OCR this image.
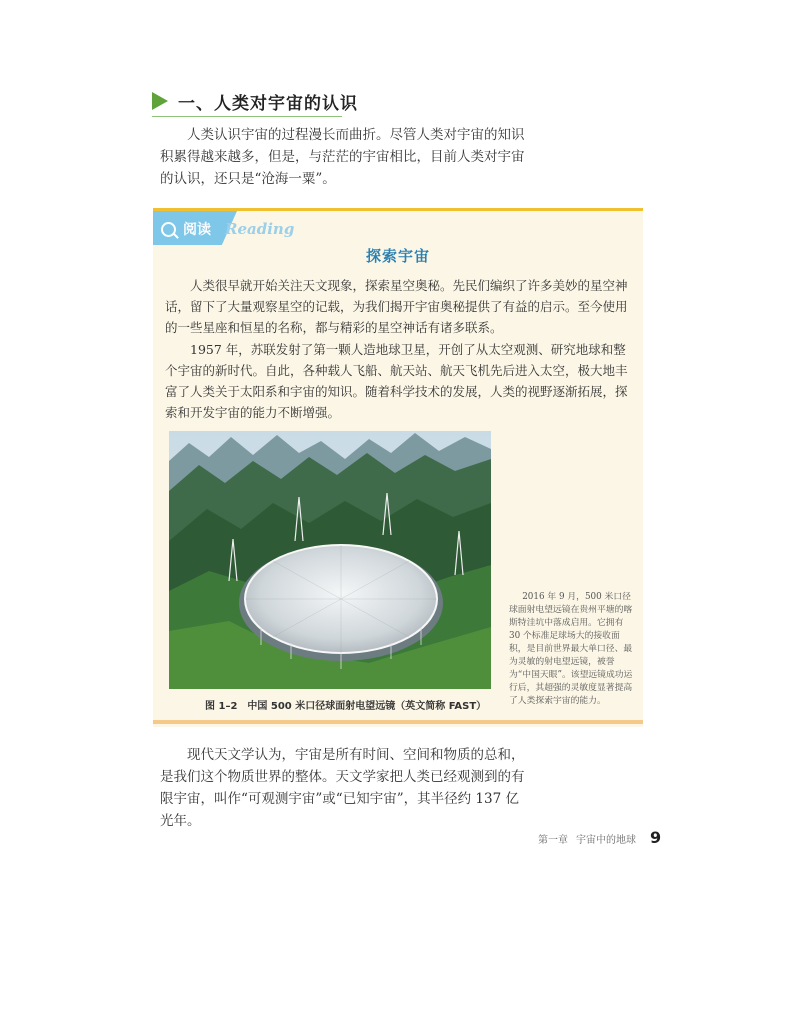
一、人类对宇宙的认识

人类认识宇宙的过程漫长而曲折。尽管人类对宇宙的知识积累得越来越多，但是，与茫茫的宇宙相比，目前人类对宇宙的认识，还只是“沧海一粟”。

阅读 Reading
探索宇宙

人类很早就开始关注天文现象，探索星空奥秘。先民们编织了许多美妙的星空神话，留下了大量观察星空的记载，为我们揭开宇宙奥秘提供了有益的启示。至今使用的一些星座和恒星的名称，都与精彩的星空神话有诸多联系。

1957 年，苏联发射了第一颗人造地球卫星，开创了从太空观测、研究地球和整个宇宙的新时代。自此，各种载人飞船、航天站、航天飞机先后进入太空，极大地丰富了人类关于太阳系和宇宙的知识。随着科学技术的发展，人类的视野逐渐拓展，探索和开发宇宙的能力不断增强。

2016 年 9 月，500 米口径球面射电望远镜在贵州平塘的喀斯特洼坑中落成启用。它拥有 30 个标准足球场大的接收面积，是目前世界最大单口径、最为灵敏的射电望远镜，被誉为“中国天眼”。该望远镜成功运行后，其超强的灵敏度显著提高了人类探索宇宙的能力。

图 1–2　中国 500 米口径球面射电望远镜（英文简称 FAST）

现代天文学认为，宇宙是所有时间、空间和物质的总和，是我们这个物质世界的整体。天文学家把人类已经观测到的有限宇宙，叫作“可观测宇宙”或“已知宇宙”，其半径约 137 亿光年。

第一章 宇宙中的地球 9
